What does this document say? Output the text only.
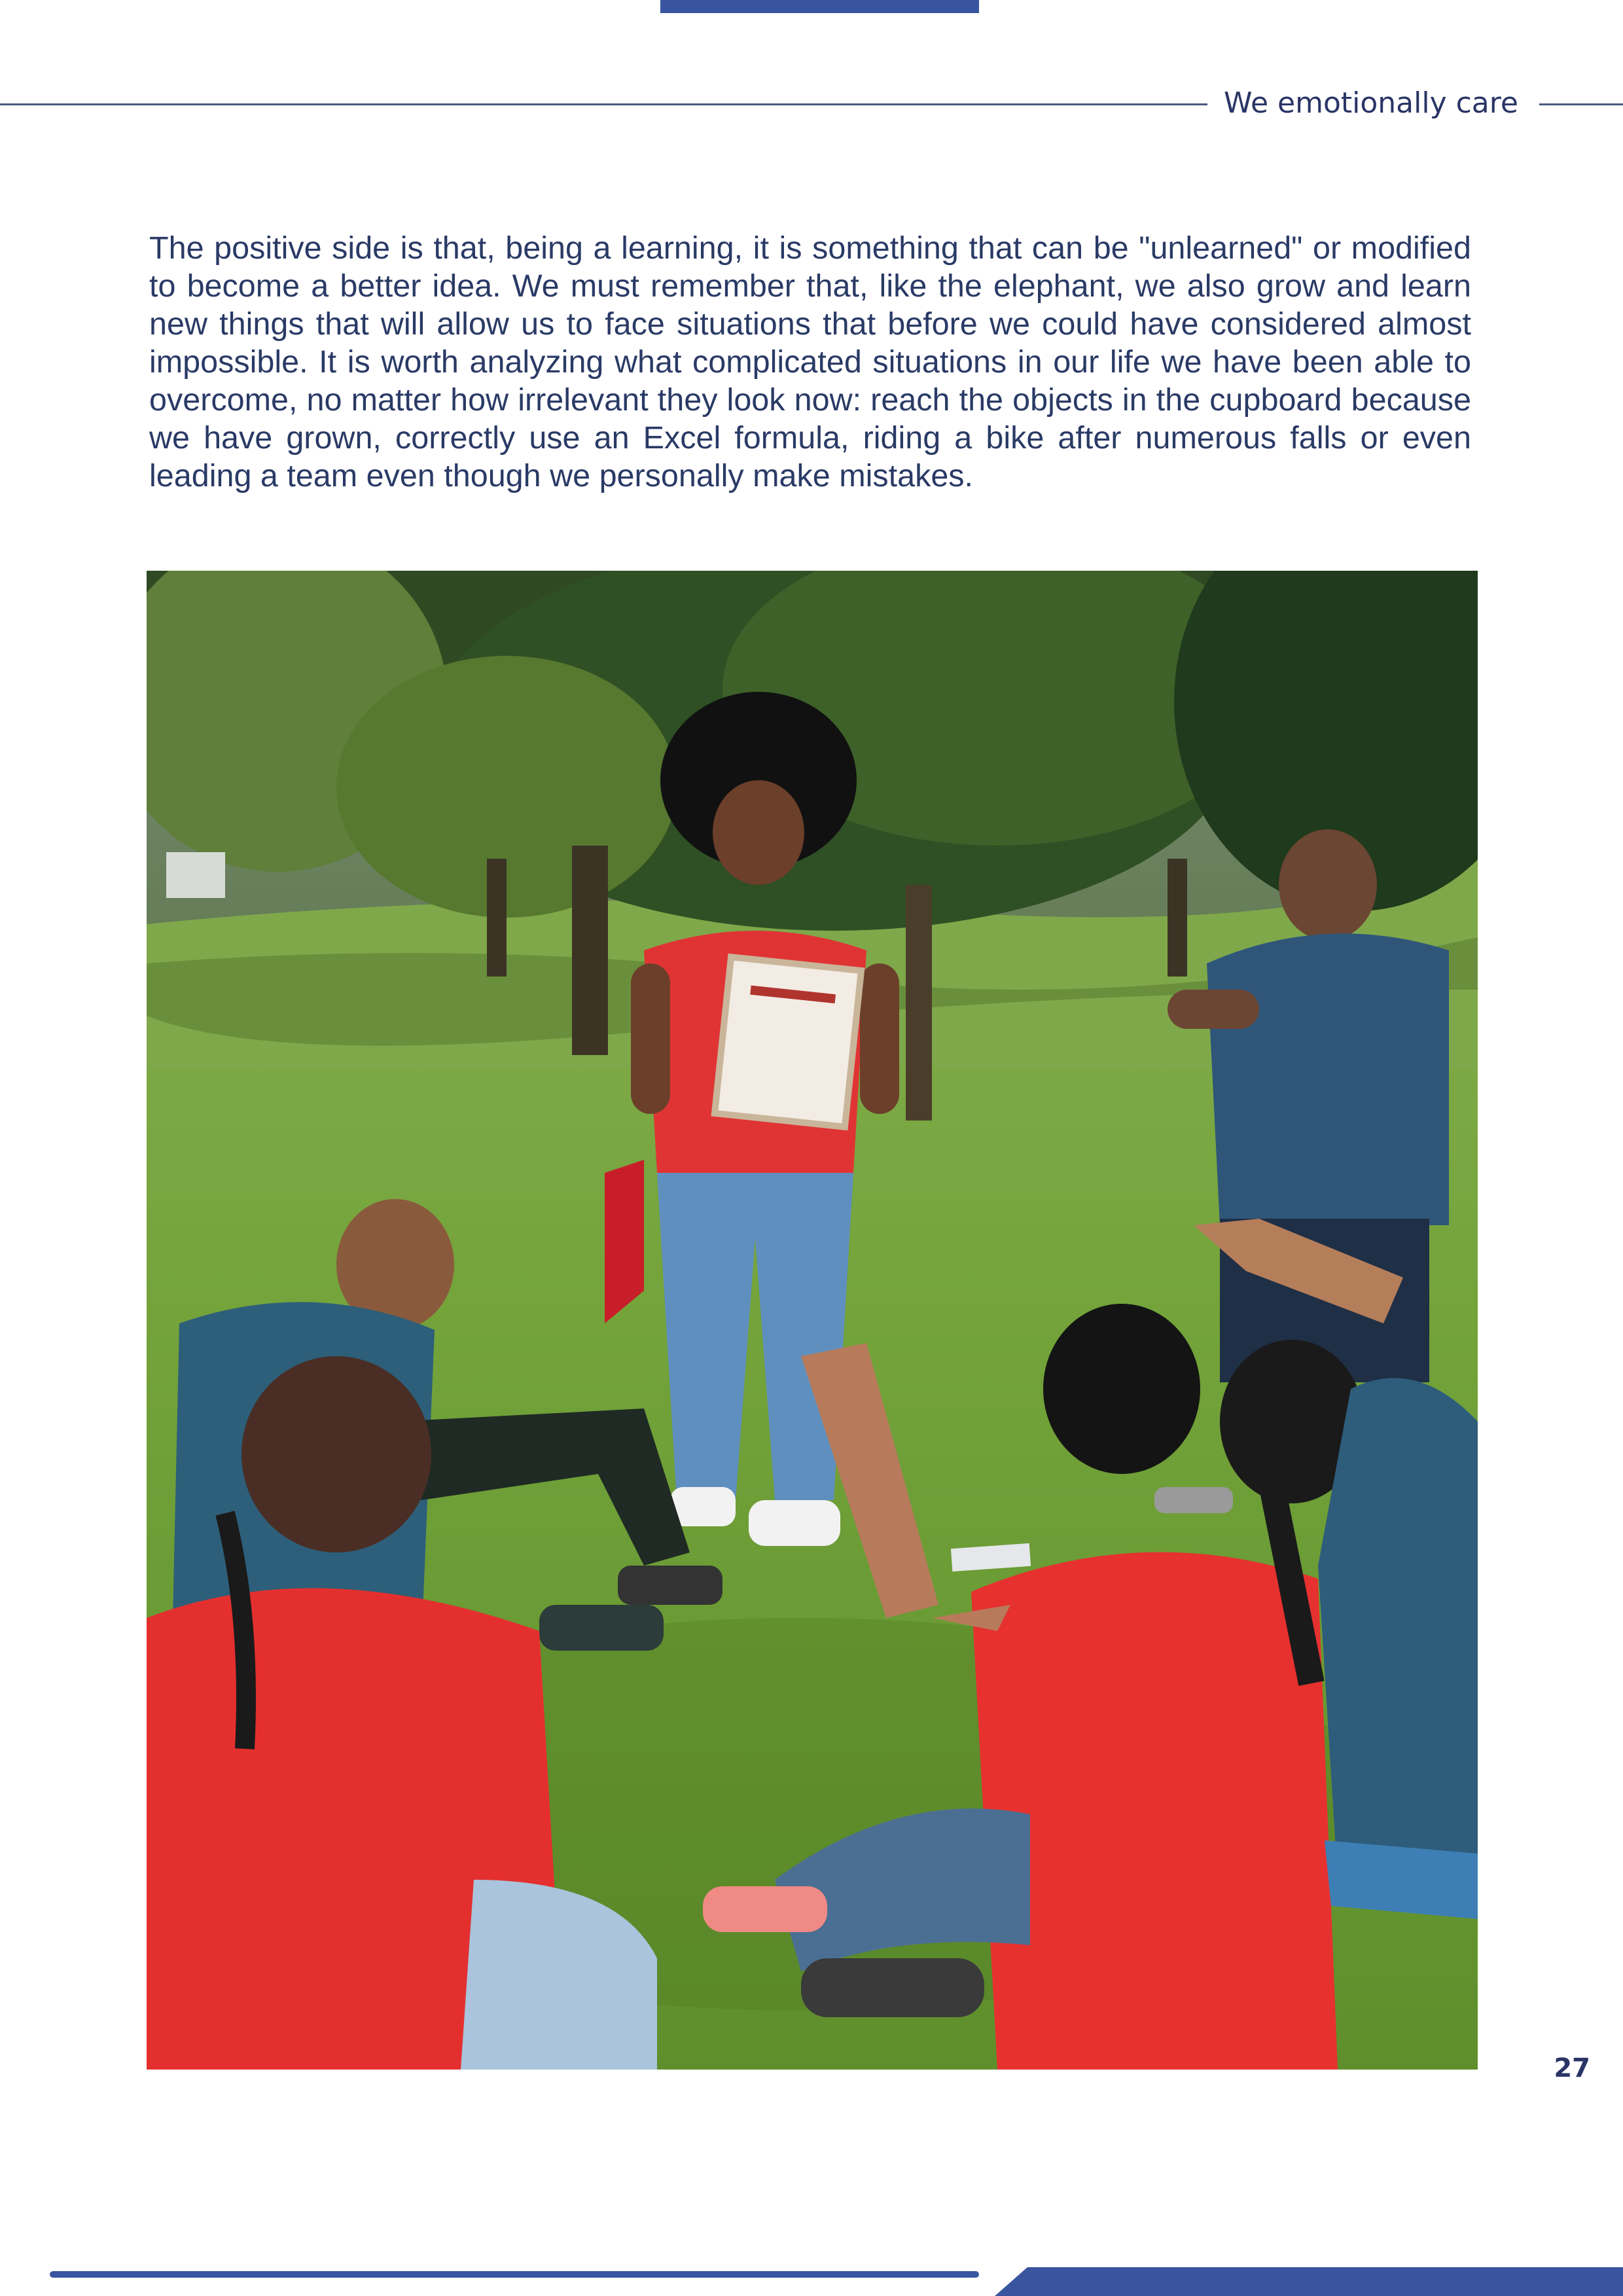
We emotionally care

The positive side is that, being a learning, it is something that can be "unlearned" or modified to become a better idea. We must remember that, like the elephant, we also grow and learn new things that will allow us to face situations that before we could have considered almost impossible. It is worth analyzing what complicated situations in our life we have been able to overcome, no matter how irrelevant they look now: reach the objects in the cupboard because we have grown, correctly use an Excel formula, riding a bike after numerous falls or even leading a team even though we personally make mistakes.

27
